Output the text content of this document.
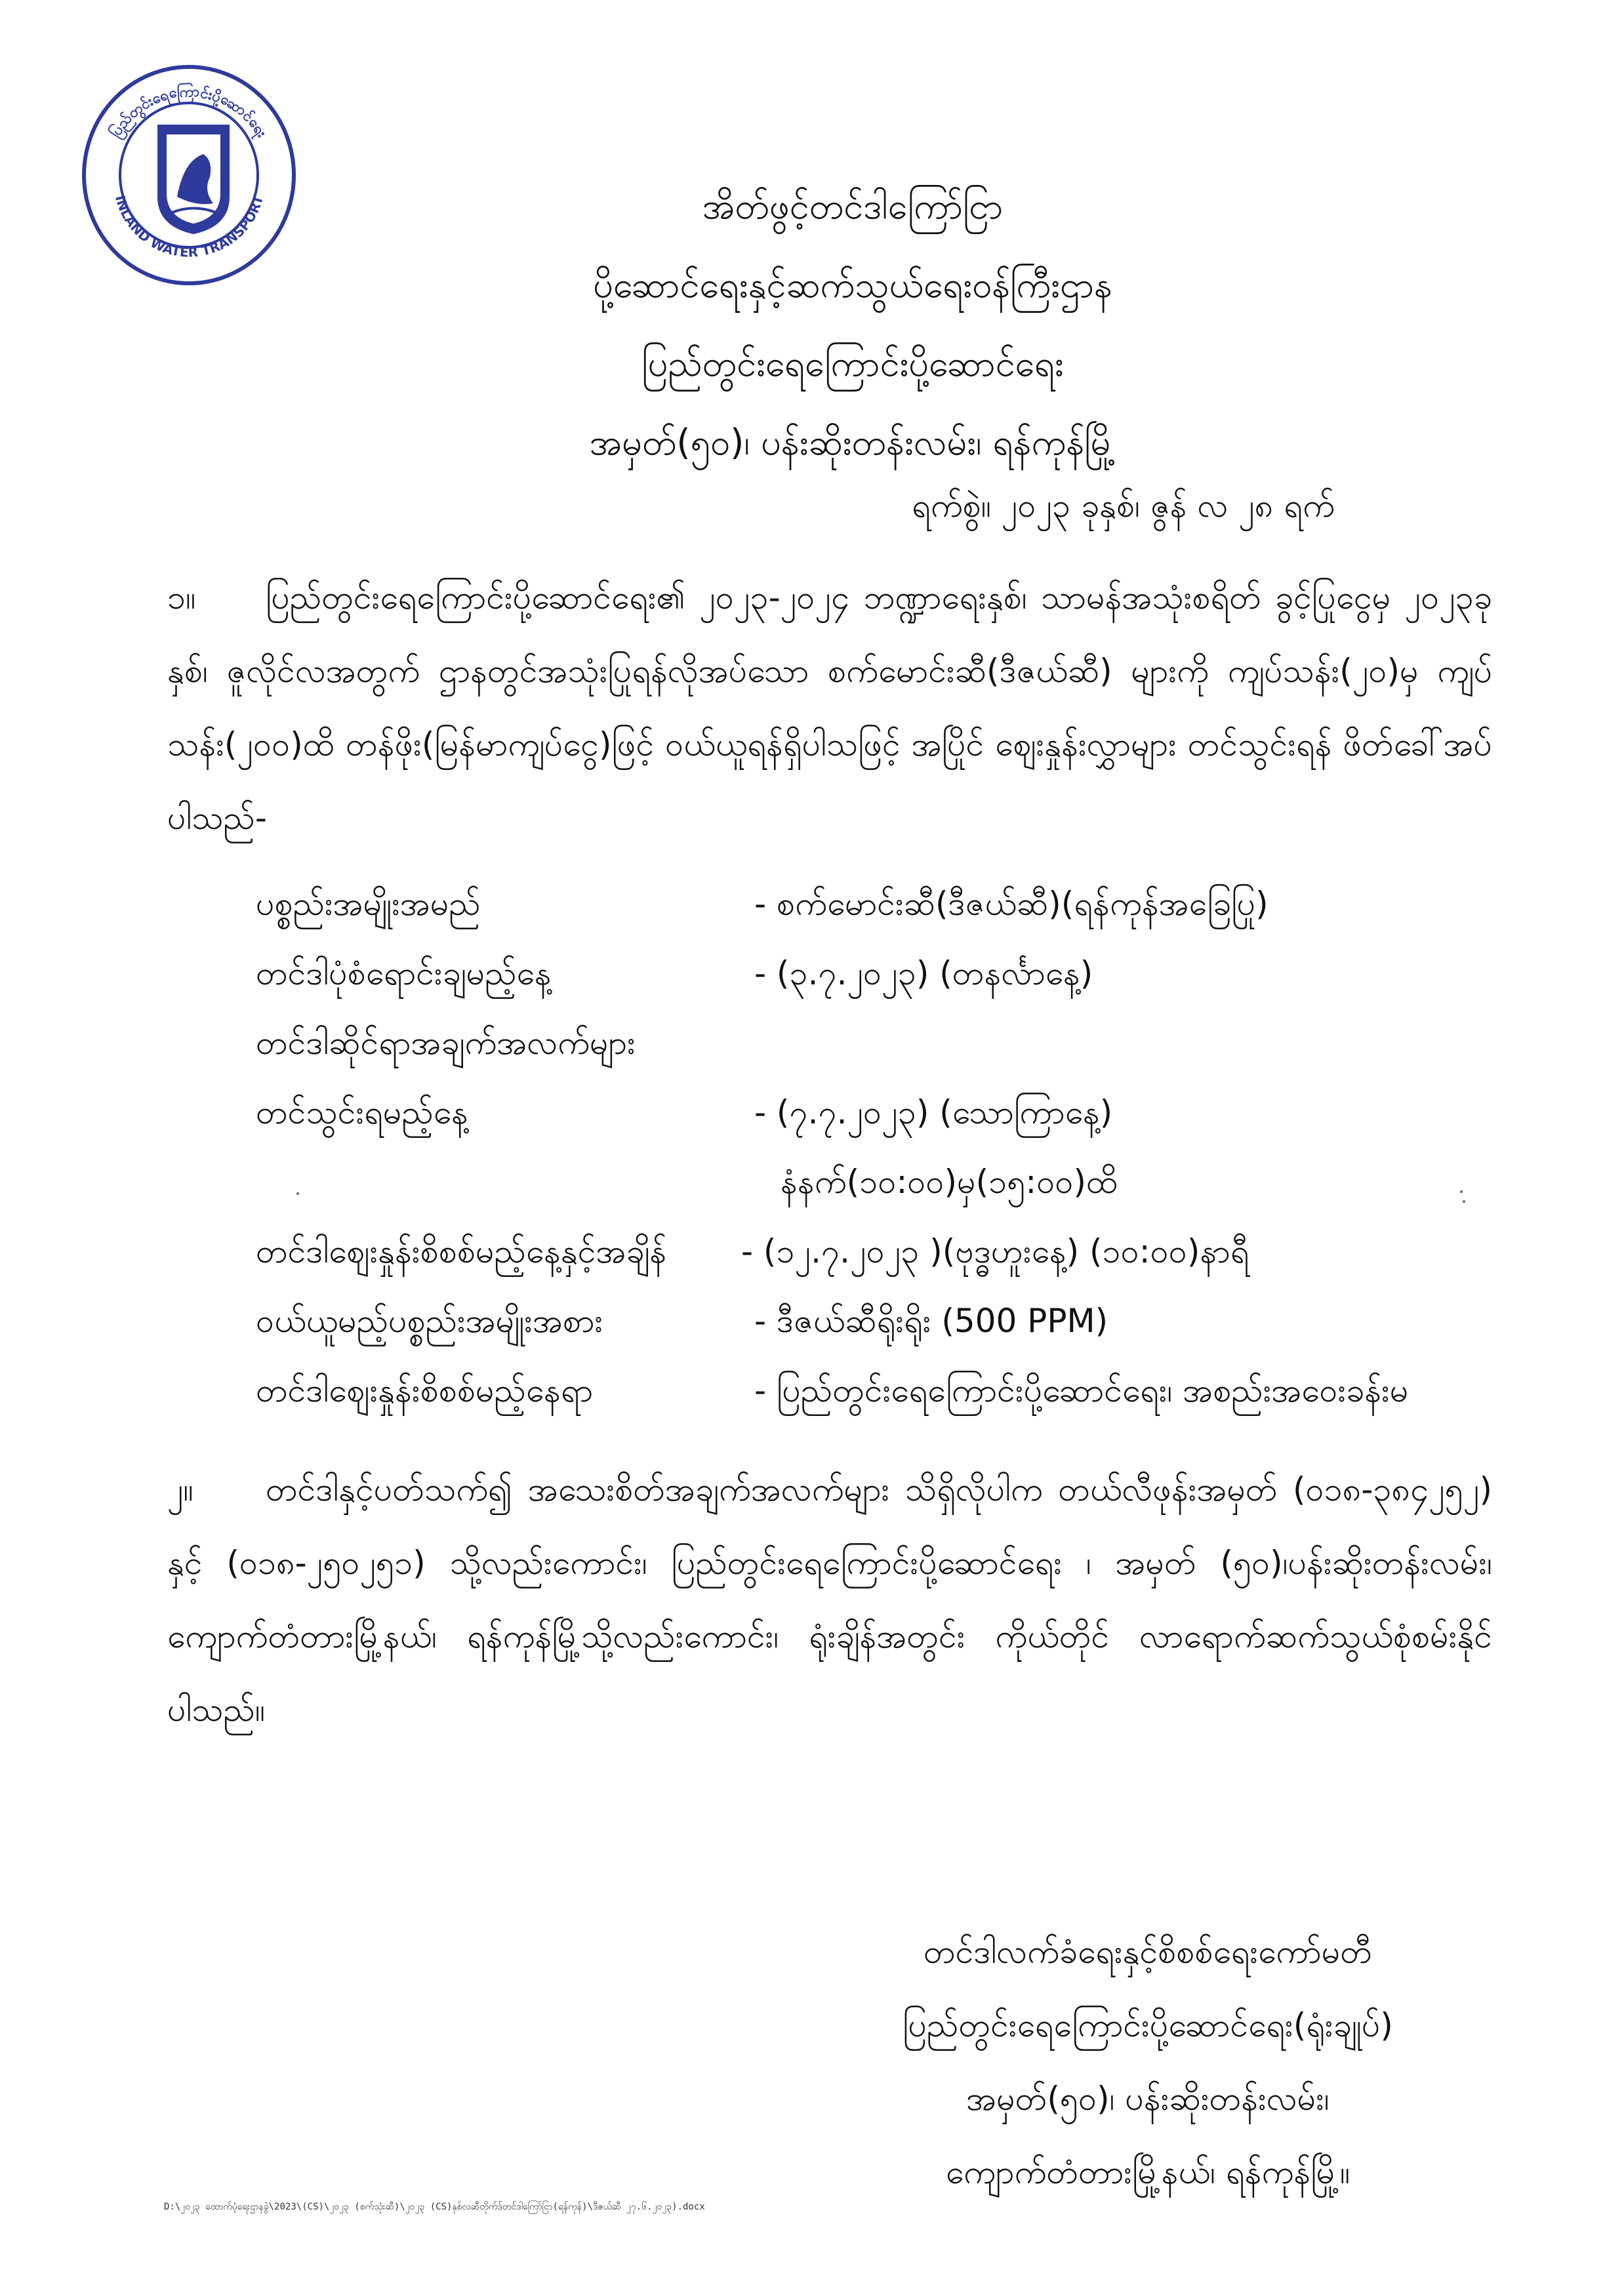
ပြည်တွင်းရေကြောင်းပို့ဆောင်ရေး
INLAND WATER TRANSPORT	အိတ်ဖွင့်တင်ဒါကြော်ငြာ
ပို့ဆောင်ရေးနှင့်ဆက်သွယ်ရေးဝန်ကြီးဌာန
ပြည်တွင်းရေကြောင်းပို့ဆောင်ရေး
အမှတ်(၅၀)၊ ပန်းဆိုးတန်းလမ်း၊ ရန်ကုန်မြို့
ရက်စွဲ။ ၂၀၂၃ ခုနှစ်၊ ဇွန် လ ၂၈ ရက်
၁။ ပြည်တွင်းရေကြောင်းပို့ဆောင်ရေး၏ ၂၀၂၃-၂၀၂၄ ဘဏ္ဍာရေးနှစ်၊ သာမန်အသုံးစရိတ် ခွင့်ပြုငွေမှ ၂၀၂၃ခုနှစ်၊ ဇူလိုင်လအတွက် ဌာနတွင်အသုံးပြုရန်လိုအပ်သော စက်မောင်းဆီ(ဒီဇယ်ဆီ) များကို ကျပ်သန်း(၂၀)မှ ကျပ်သန်း(၂၀၀)ထိ တန်ဖိုး(မြန်မာကျပ်ငွေ)ဖြင့် ဝယ်ယူရန်ရှိပါသဖြင့် အပြိုင် ဈေးနှုန်းလွှာများ တင်သွင်းရန် ဖိတ်ခေါ်အပ်ပါသည်-
ပစ္စည်းအမျိုးအမည်	- စက်မောင်းဆီ(ဒီဇယ်ဆီ)(ရန်ကုန်အခြေပြု)
တင်ဒါပုံစံရောင်းချမည့်နေ့	- (၃.၇.၂၀၂၃) (တနင်္လာနေ့)
တင်ဒါဆိုင်ရာအချက်အလက်များ
တင်သွင်းရမည့်နေ့	- (၇.၇.၂၀၂၃) (သောကြာနေ့)
နံနက်(၁၀:၀၀)မှ(၁၅:၀၀)ထိ
တင်ဒါဈေးနှုန်းစိစစ်မည့်နေ့နှင့်အချိန် - (၁၂.၇.၂၀၂၃ )(ဗုဒ္ဓဟူးနေ့) (၁၀:၀၀)နာရီ
ဝယ်ယူမည့်ပစ္စည်းအမျိုးအစား	- ဒီဇယ်ဆီရိုးရိုး (500 PPM)
တင်ဒါဈေးနှုန်းစိစစ်မည့်နေရာ	- ပြည်တွင်းရေကြောင်းပို့ဆောင်ရေး၊ အစည်းအဝေးခန်းမ
၂။ တင်ဒါနှင့်ပတ်သက်၍ အသေးစိတ်အချက်အလက်များ သိရှိလိုပါက တယ်လီဖုန်းအမှတ် (၀၁၈-၃၈၄၂၅၂) နှင့် (၀၁၈-၂၅၀၂၅၁) သို့လည်းကောင်း၊ ပြည်တွင်းရေကြောင်းပို့ဆောင်ရေး ၊ အမှတ် (၅၀)၊ပန်းဆိုးတန်းလမ်း၊ ကျောက်တံတားမြို့နယ်၊ ရန်ကုန်မြို့သို့လည်းကောင်း၊ ရုံးချိန်အတွင်း ကိုယ်တိုင် လာရောက်ဆက်သွယ်စုံစမ်းနိုင်ပါသည်။
တင်ဒါလက်ခံရေးနှင့်စိစစ်ရေးကော်မတီ
ပြည်တွင်းရေကြောင်းပို့ဆောင်ရေး(ရုံးချုပ်)
အမှတ်(၅၀)၊ ပန်းဆိုးတန်းလမ်း၊
ကျောက်တံတားမြို့နယ်၊ ရန်ကုန်မြို့။
D:\၂၀၂၃ ထောက်ပံ့ရေးဌာနခွဲ\2023\(CS)\၂၀၂၃ (စက်သုံးဆီ)\၂၀၂၃ (CS)နှစ်လဆီတိုက်ဒ်တင်ဒါကြော်ငြာ(ရန်ကုန်)\ဒီဇယ်ဆီ ၂၇.၆.၂၀၂၃).docx
